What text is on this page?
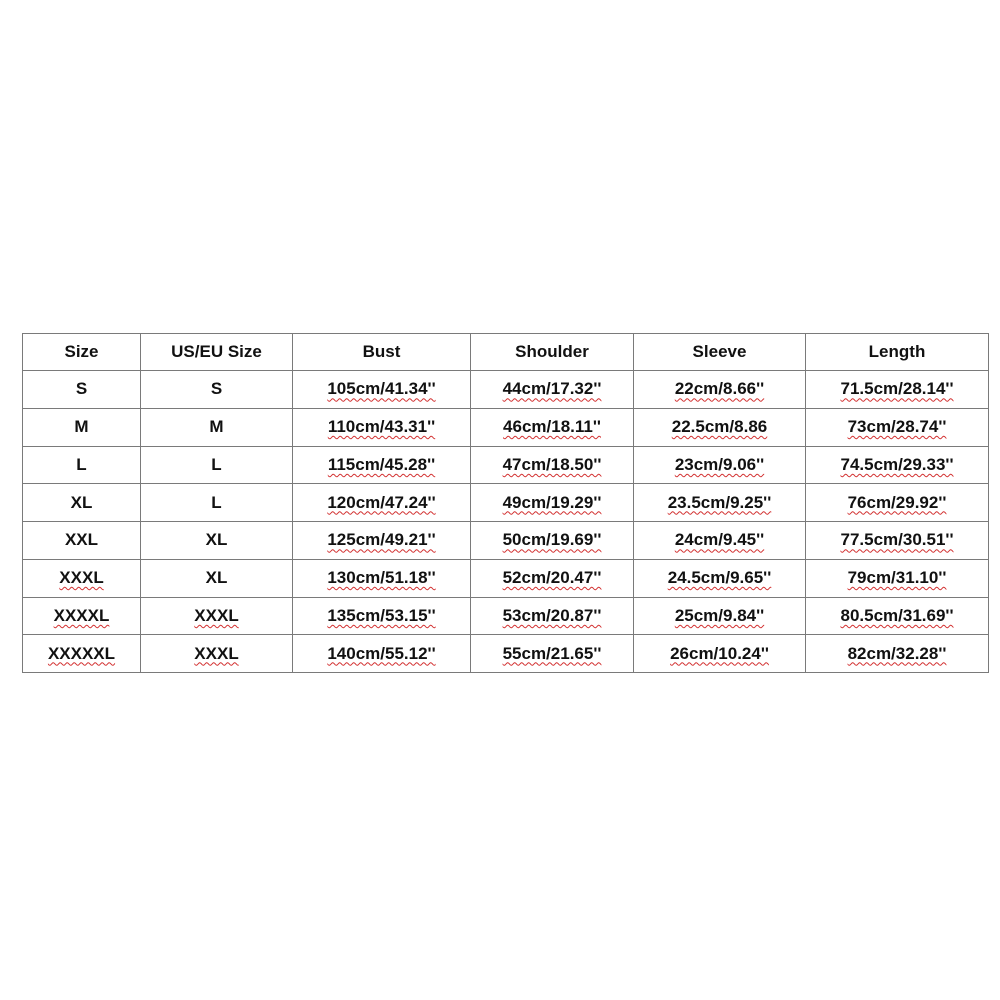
Size	US/EU Size	Bust	Shoulder	Sleeve	Length
S	S	105cm/41.34''	44cm/17.32''	22cm/8.66''	71.5cm/28.14''
M	M	110cm/43.31''	46cm/18.11''	22.5cm/8.86	73cm/28.74''
L	L	115cm/45.28''	47cm/18.50''	23cm/9.06''	74.5cm/29.33''
XL	L	120cm/47.24''	49cm/19.29''	23.5cm/9.25''	76cm/29.92''
XXL	XL	125cm/49.21''	50cm/19.69''	24cm/9.45''	77.5cm/30.51''
XXXL	XL	130cm/51.18''	52cm/20.47''	24.5cm/9.65''	79cm/31.10''
XXXXL	XXXL	135cm/53.15''	53cm/20.87''	25cm/9.84''	80.5cm/31.69''
XXXXXL	XXXL	140cm/55.12''	55cm/21.65''	26cm/10.24''	82cm/32.28''
